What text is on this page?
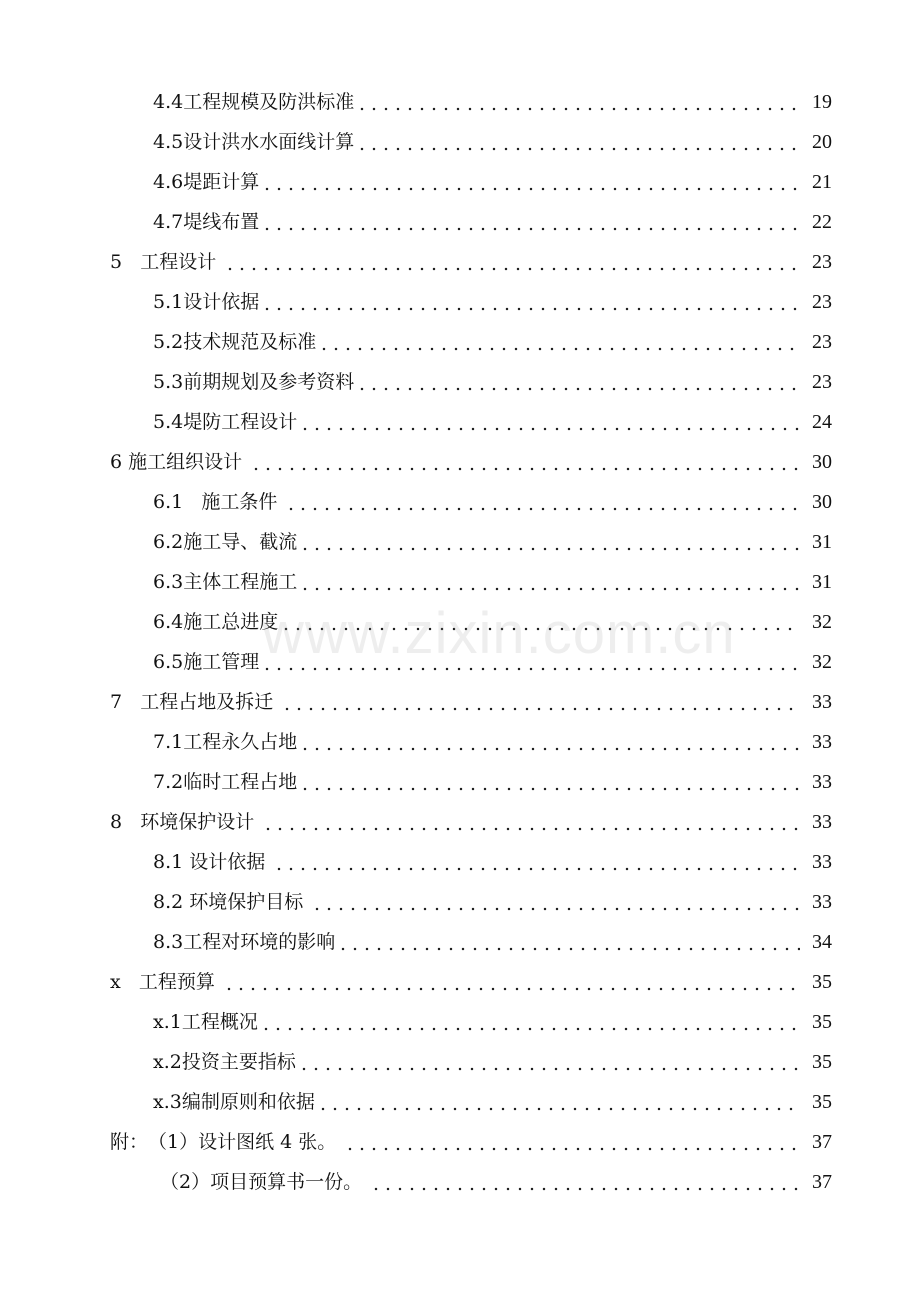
4.4 工程规模及防洪标准	19
4.5 设计洪水水面线计算	20
4.6 堤距计算	21
4.7 堤线布置	22
5 工程设计	23
5.1 设计依据	23
5.2 技术规范及标准	23
5.3 前期规划及参考资料	23
5.4 堤防工程设计	24
6 施工组织设计	30
6.1 施工条件	30
6.2 施工导、截流	31
6.3 主体工程施工	31
6.4 施工总进度	32
6.5 施工管理	32
7 工程占地及拆迁	33
7.1 工程永久占地	33
7.2 临时工程占地	33
8 环境保护设计	33
8.1 设计依据	33
8.2 环境保护目标	33
8.3 工程对环境的影响	34
x 工程预算	35
x.1 工程概况	35
x.2 投资主要指标	35
x.3 编制原则和依据	35
附： （1）设计图纸 4 张。	37
（2）项目预算书一份。	37
